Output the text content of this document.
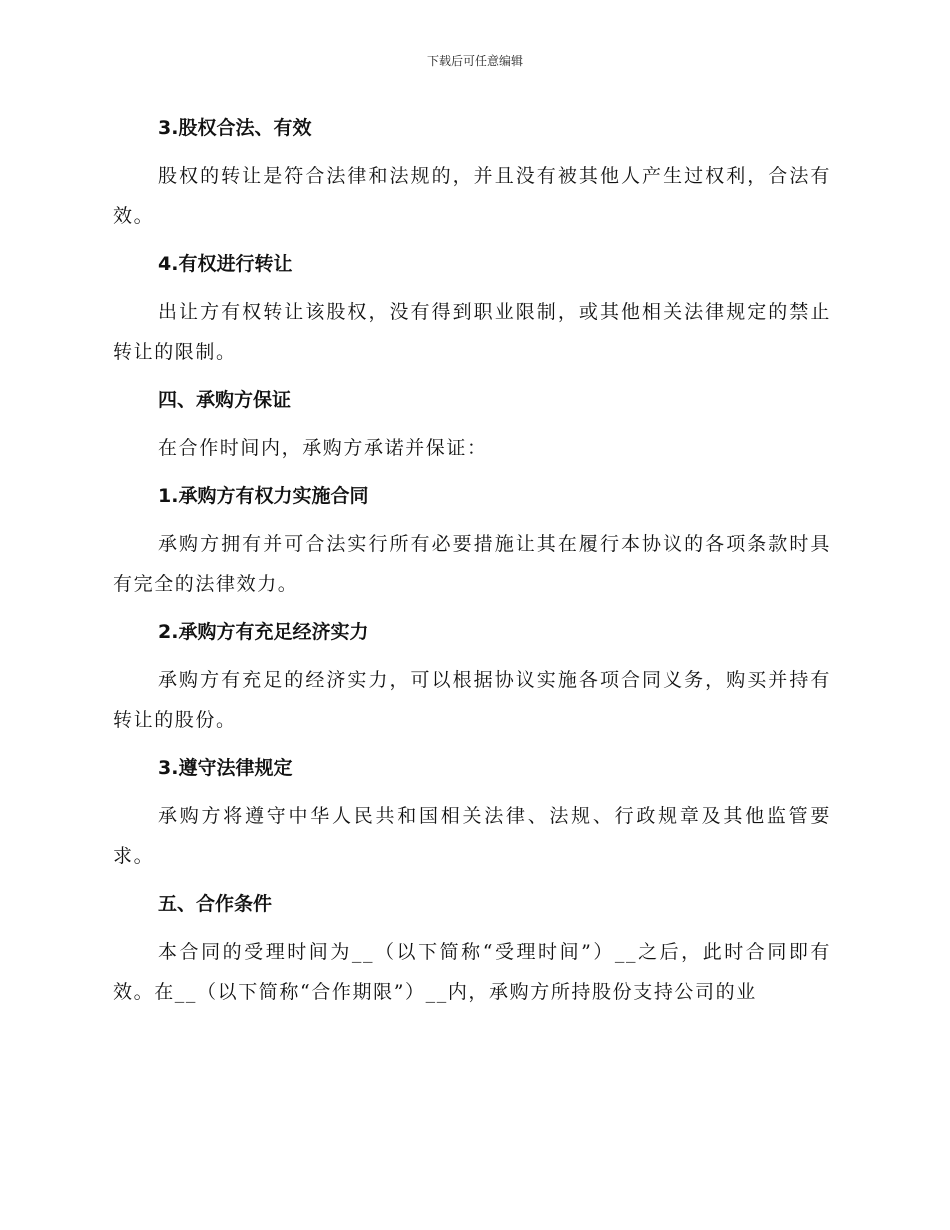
下载后可任意编辑
3.股权合法、有效
股权的转让是符合法律和法规的，并且没有被其他人产生过权利，合法有效。
4.有权进行转让
出让方有权转让该股权，没有得到职业限制，或其他相关法律规定的禁止转让的限制。
四、承购方保证
在合作时间内，承购方承诺并保证：
1.承购方有权力实施合同
承购方拥有并可合法实行所有必要措施让其在履行本协议的各项条款时具有完全的法律效力。
2.承购方有充足经济实力
承购方有充足的经济实力，可以根据协议实施各项合同义务，购买并持有转让的股份。
3.遵守法律规定
承购方将遵守中华人民共和国相关法律、法规、行政规章及其他监管要求。
五、合作条件
本合同的受理时间为__（以下简称“受理时间”）__之后，此时合同即有效。在__（以下简称“合作期限”）__内，承购方所持股份支持公司的业
